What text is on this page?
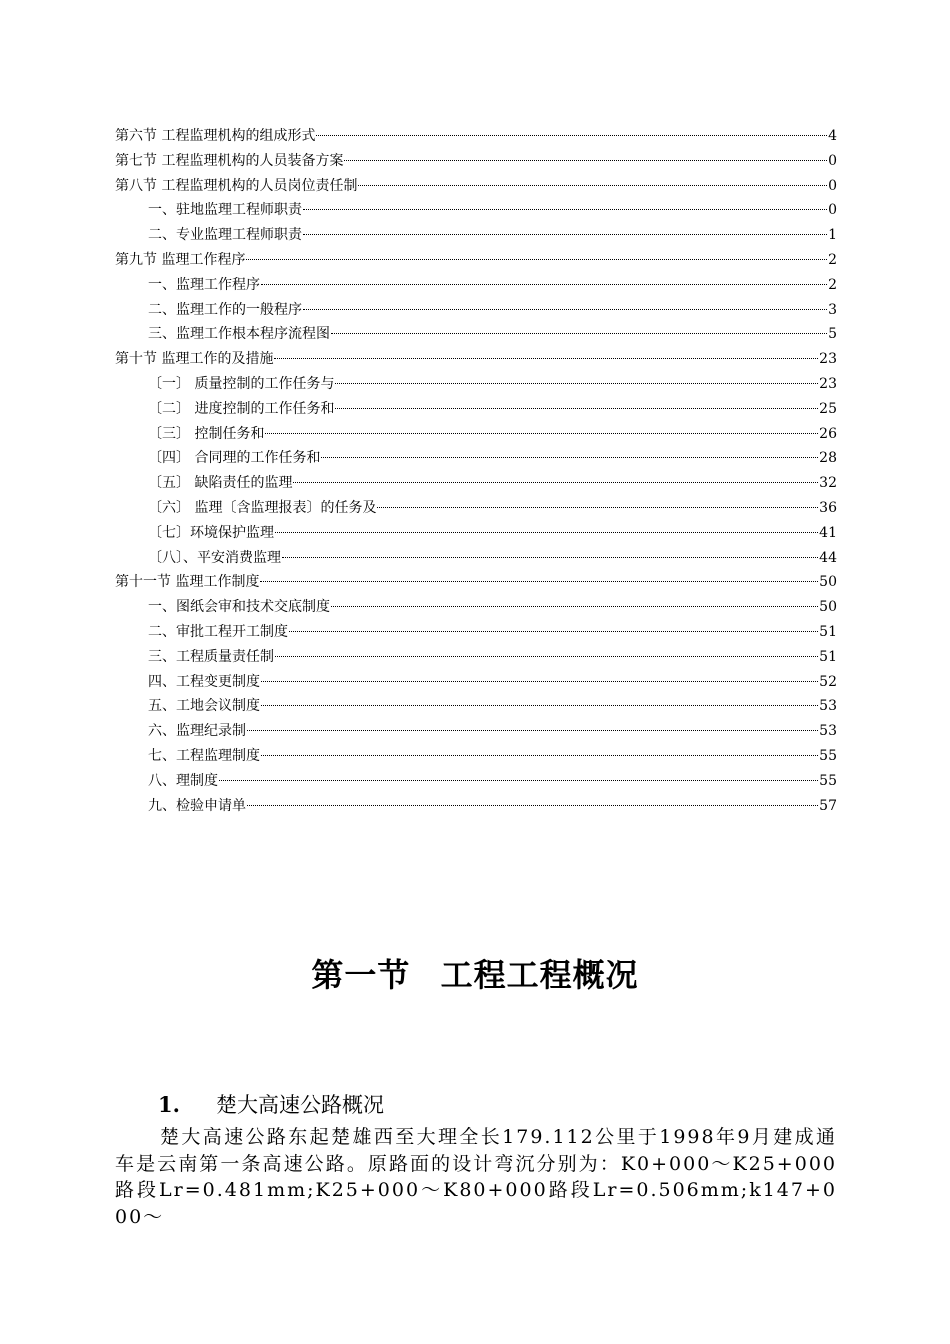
第六节 工程监理机构的组成形式	4
第七节 工程监理机构的人员装备方案	0
第八节 工程监理机构的人员岗位责任制	0
一、驻地监理工程师职责	0
二、专业监理工程师职责	1
第九节 监理工作程序	2
一、监理工作程序	2
二、监理工作的一般程序	3
三、监理工作根本程序流程图	5
第十节 监理工作的及措施	23
〔一〕 质量控制的工作任务与	23
〔二〕 进度控制的工作任务和	25
〔三〕 控制任务和	26
〔四〕 合同理的工作任务和	28
〔五〕 缺陷责任的监理	32
〔六〕 监理〔含监理报表〕的任务及	36
〔七〕环境保护监理	41
〔八〕、平安消费监理	44
第十一节 监理工作制度	50
一、图纸会审和技术交底制度	50
二、审批工程开工制度	51
三、工程质量责任制	51
四、工程变更制度	52
五、工地会议制度	53
六、监理纪录制	53
七、工程监理制度	55
八、理制度	55
九、检验申请单	57
第一节 工程工程概况
1. 楚大高速公路概况
楚大高速公路东起楚雄西至大理全长179.112公里于1998年9月建成通车是云南第一条高速公路。原路面的设计弯沉分别为：K0+000～K25+000路段Lr=0.481mm;K25+000～K80+000路段Lr=0.506mm;k147+000～
